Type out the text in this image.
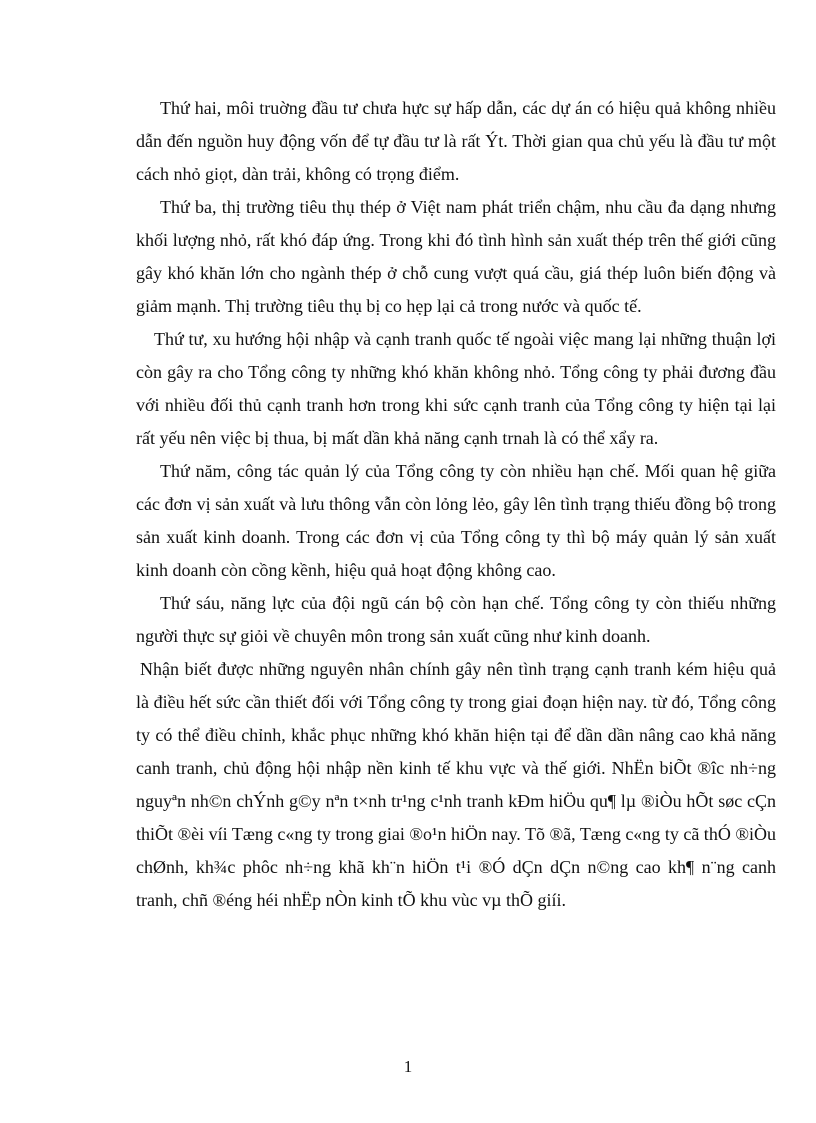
Thứ hai, môi truờng đầu tư chưa hực sự hấp dẫn, các dự án có hiệu quả không nhiều dẫn đến nguồn huy động vốn để tự đầu tư là rất Ýt. Thời gian qua chủ yếu là đầu tư một cách nhỏ giọt, dàn trải, không có trọng điểm.

Thứ ba, thị trường tiêu thụ thép ở Việt nam phát triển chậm, nhu cầu đa dạng nhưng khối lượng nhỏ, rất khó đáp ứng. Trong khi đó tình hình sản xuất thép trên thế giới cũng gây khó khăn lớn cho ngành thép ở chỗ cung vượt quá cầu, giá thép luôn biến động và giảm mạnh. Thị trường tiêu thụ bị co hẹp lại cả trong nước và quốc tế.

Thứ tư, xu hướng hội nhập và cạnh tranh quốc tế ngoài việc mang lại những thuận lợi còn gây ra cho Tổng công ty những khó khăn không nhỏ. Tổng công ty phải đương đầu với nhiều đối thủ cạnh tranh hơn trong khi sức cạnh tranh của Tổng công ty hiện tại lại rất yếu nên việc bị thua, bị mất dần khả năng cạnh trnah là có thể xẩy ra.

Thứ năm, công tác quản lý của Tổng công ty còn nhiều hạn chế. Mối quan hệ giữa các đơn vị sản xuất và lưu thông vẫn còn lỏng lẻo, gây lên tình trạng thiếu đồng bộ trong sản xuất kinh doanh. Trong các đơn vị của Tổng công ty thì bộ máy quản lý sản xuất kinh doanh còn cồng kềnh, hiệu quả hoạt động không cao.

Thứ sáu, năng lực của đội ngũ cán bộ còn hạn chế. Tổng công ty còn thiếu những người thực sự giỏi về chuyên môn trong sản xuất cũng như kinh doanh.

Nhận biết được những nguyên nhân chính gây nên tình trạng cạnh tranh kém hiệu quả là điều hết sức cần thiết đối với Tổng công ty trong giai đoạn hiện nay. từ đó, Tổng công ty có thể điều chỉnh, khắc phục những khó khăn hiện tại để dần dần nâng cao khả năng canh tranh, chủ động hội nhập nền kinh tế khu vực và thế giới. NhËn biÕt ®îc nh÷ng nguyªn nh©n chÝnh g©y nªn t×nh tr¹ng c¹nh tranh kÐm hiÖu qu¶ lµ ®iÒu hÕt søc cÇn thiÕt ®èi víi Tæng c«ng ty trong giai ®o¹n hiÖn nay. Tõ ®ã, Tæng c«ng ty cã thÓ ®iÒu chØnh, kh¾c phôc nh÷ng khã kh¨n hiÖn t¹i ®Ó dÇn dÇn n©ng cao kh¶ n¨ng canh tranh, chñ ®éng héi nhËp nÒn kinh tÕ khu vùc vµ thÕ giíi.

1
